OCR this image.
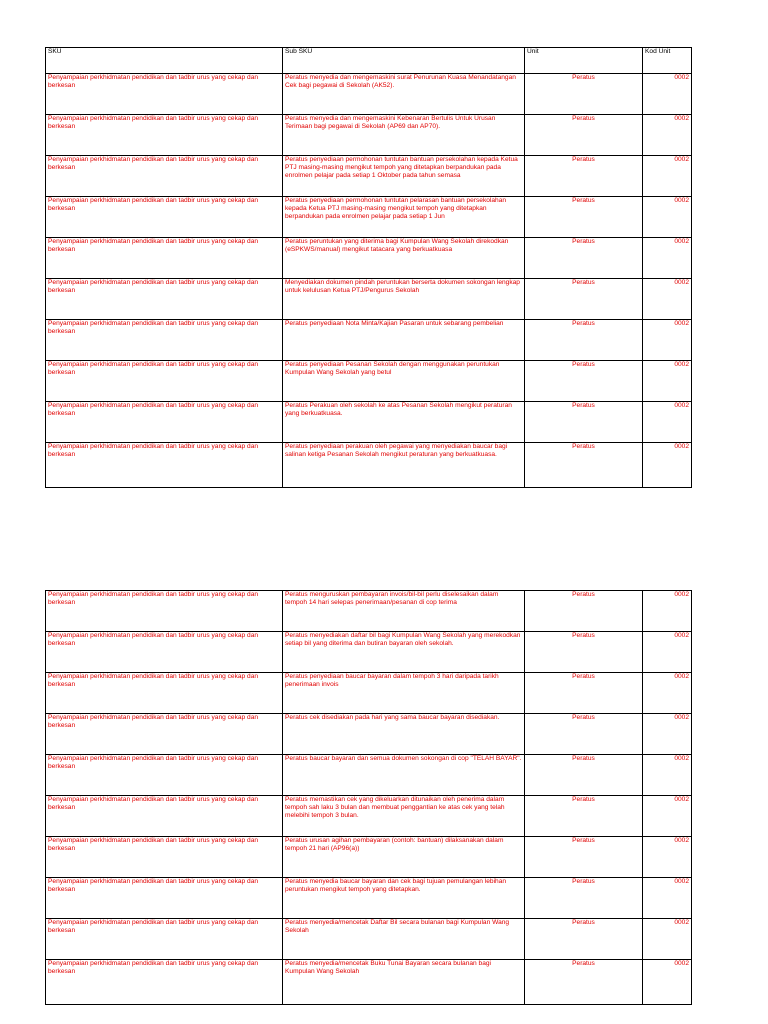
SKU	Sub SKU	Unit	Kod Unit
Penyampaian perkhidmatan pendidikan dan tadbir urus yang cekap dan berkesan	Peratus menyedia dan mengemaskini surat Penurunan Kuasa Menandatangan Cek bagi pegawai di Sekolah (AK52).	Peratus	0002
Penyampaian perkhidmatan pendidikan dan tadbir urus yang cekap dan berkesan	Peratus menyedia dan mengemaskini Kebenaran Bertulis Untuk Urusan Terimaan bagi pegawai di Sekolah (AP69 dan AP70).	Peratus	0002
Penyampaian perkhidmatan pendidikan dan tadbir urus yang cekap dan berkesan	Peratus penyediaan permohonan tuntutan bantuan persekolahan kepada Ketua PTJ masing-masing mengikut tempoh yang ditetapkan berpandukan pada enrolmen pelajar pada setiap 1 Oktober pada tahun semasa	Peratus	0002
Penyampaian perkhidmatan pendidikan dan tadbir urus yang cekap dan berkesan	Peratus penyediaan permohonan tuntutan pelarasan bantuan persekolahan kepada Ketua PTJ masing-masing mengikut tempoh yang ditetapkan berpandukan pada enrolmen pelajar pada setiap 1 Jun	Peratus	0002
Penyampaian perkhidmatan pendidikan dan tadbir urus yang cekap dan berkesan	Peratus peruntukan yang diterima bagi Kumpulan Wang Sekolah direkodkan (eSPKWS/manual) mengikut tatacara yang berkuatkuasa	Peratus	0002
Penyampaian perkhidmatan pendidikan dan tadbir urus yang cekap dan berkesan	Menyediakan dokumen pindah peruntukan berserta dokumen sokongan lengkap untuk kelulusan Ketua PTJ/Pengurus Sekolah	Peratus	0002
Penyampaian perkhidmatan pendidikan dan tadbir urus yang cekap dan berkesan	Peratus penyediaan Nota Minta/Kajian Pasaran untuk sebarang pembelian	Peratus	0002
Penyampaian perkhidmatan pendidikan dan tadbir urus yang cekap dan berkesan	Peratus penyediaan Pesanan Sekolah dengan menggunakan peruntukan Kumpulan Wang Sekolah yang betul	Peratus	0002
Penyampaian perkhidmatan pendidikan dan tadbir urus yang cekap dan berkesan	Peratus Perakuan oleh sekolah ke atas Pesanan Sekolah mengikut peraturan yang berkuatkuasa.	Peratus	0002
Penyampaian perkhidmatan pendidikan dan tadbir urus yang cekap dan berkesan	Peratus penyediaan perakuan oleh pegawai yang menyediakan baucar bagi salinan ketiga Pesanan Sekolah mengikut peraturan yang berkuatkuasa.	Peratus	0002
Penyampaian perkhidmatan pendidikan dan tadbir urus yang cekap dan berkesan	Peratus menguruskan pembayaran invois/bil-bil perlu diselesaikan dalam tempoh 14 hari selepas penerimaan/pesanan di cop terima	Peratus	0002
Penyampaian perkhidmatan pendidikan dan tadbir urus yang cekap dan berkesan	Peratus menyediakan daftar bil bagi Kumpulan Wang Sekolah yang merekodkan setiap bil yang diterima dan butiran bayaran oleh sekolah.	Peratus	0002
Penyampaian perkhidmatan pendidikan dan tadbir urus yang cekap dan berkesan	Peratus penyediaan baucar bayaran dalam tempoh 3 hari daripada tarikh penerimaan invois	Peratus	0002
Penyampaian perkhidmatan pendidikan dan tadbir urus yang cekap dan berkesan	Peratus cek disediakan pada hari yang sama baucar bayaran disediakan.	Peratus	0002
Penyampaian perkhidmatan pendidikan dan tadbir urus yang cekap dan berkesan	Peratus baucar bayaran dan semua dokumen sokongan di cop "TELAH BAYAR".	Peratus	0002
Penyampaian perkhidmatan pendidikan dan tadbir urus yang cekap dan berkesan	Peratus memastikan cek yang dikeluarkan ditunaikan oleh penerima dalam tempoh sah laku 3 bulan dan membuat penggantian ke atas cek yang telah melebihi tempoh 3 bulan.	Peratus	0002
Penyampaian perkhidmatan pendidikan dan tadbir urus yang cekap dan berkesan	Peratus urusan agihan pembayaran (contoh: bantuan) dilaksanakan dalam tempoh 21 hari (AP96(a))	Peratus	0002
Penyampaian perkhidmatan pendidikan dan tadbir urus yang cekap dan berkesan	Peratus menyedia baucar bayaran dan cek bagi tujuan pemulangan lebihan peruntukan mengikut tempoh yang ditetapkan.	Peratus	0002
Penyampaian perkhidmatan pendidikan dan tadbir urus yang cekap dan berkesan	Peratus menyedia/mencetak Daftar Bil secara bulanan bagi Kumpulan Wang Sekolah	Peratus	0002
Penyampaian perkhidmatan pendidikan dan tadbir urus yang cekap dan berkesan	Peratus menyedia/mencetak Buku Tunai Bayaran secara bulanan bagi Kumpulan Wang Sekolah	Peratus	0002
